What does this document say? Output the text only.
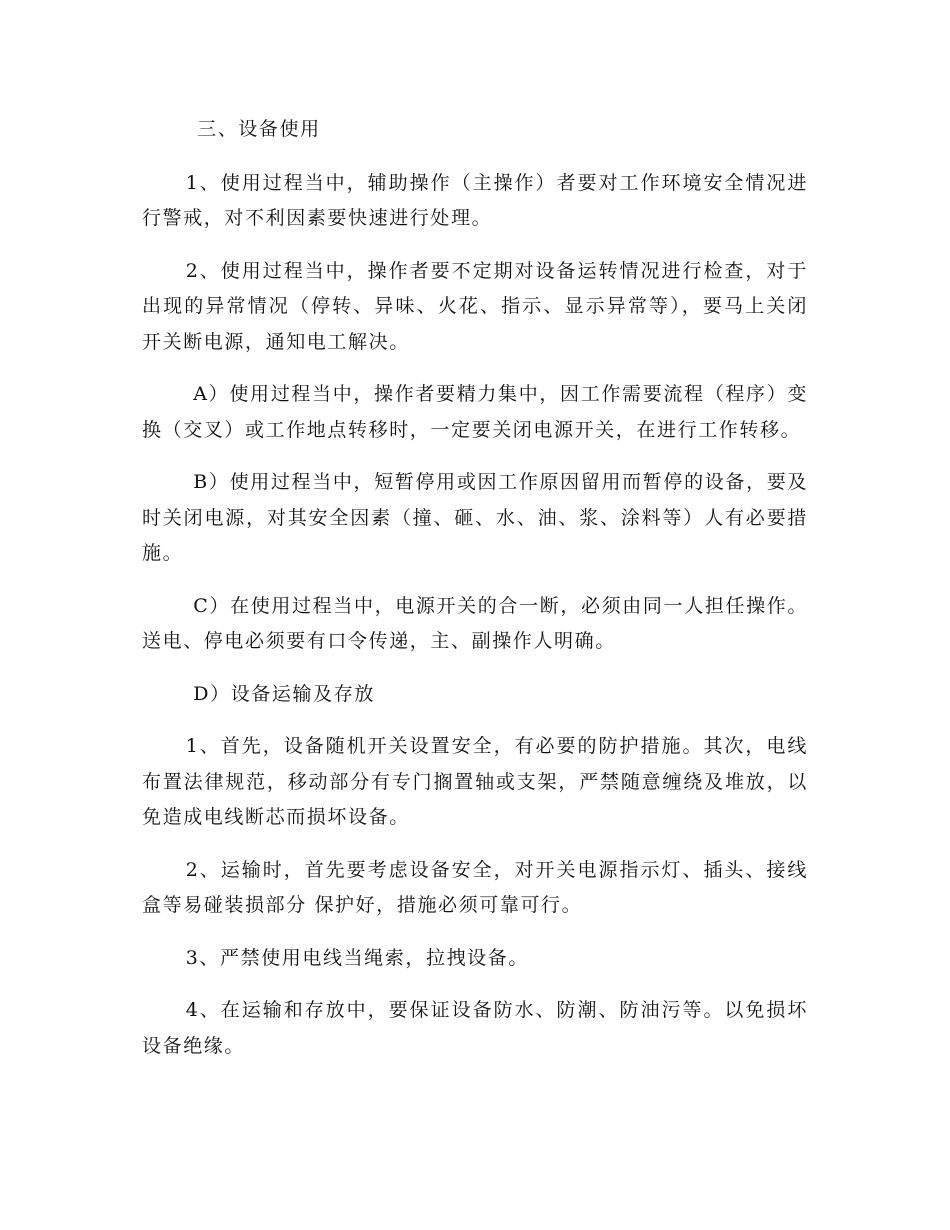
三、设备使用

1、使用过程当中，辅助操作（主操作）者要对工作环境安全情况进行警戒，对不利因素要快速进行处理。

2、使用过程当中，操作者要不定期对设备运转情况进行检查，对于出现的异常情况（停转、异味、火花、指示、显示异常等），要马上关闭开关断电源，通知电工解决。

A）使用过程当中，操作者要精力集中，因工作需要流程（程序）变换（交叉）或工作地点转移时，一定要关闭电源开关，在进行工作转移。

B）使用过程当中，短暂停用或因工作原因留用而暂停的设备，要及时关闭电源，对其安全因素（撞、砸、水、油、浆、涂料等）人有必要措施。

C）在使用过程当中，电源开关的合一断，必须由同一人担任操作。送电、停电必须要有口令传递，主、副操作人明确。

D）设备运输及存放

1、首先，设备随机开关设置安全，有必要的防护措施。其次，电线布置法律规范，移动部分有专门搁置轴或支架，严禁随意缠绕及堆放，以免造成电线断芯而损坏设备。

2、运输时，首先要考虑设备安全，对开关电源指示灯、插头、接线盒等易碰装损部分 保护好，措施必须可靠可行。

3、严禁使用电线当绳索，拉拽设备。

4、在运输和存放中，要保证设备防水、防潮、防油污等。以免损坏设备绝缘。
